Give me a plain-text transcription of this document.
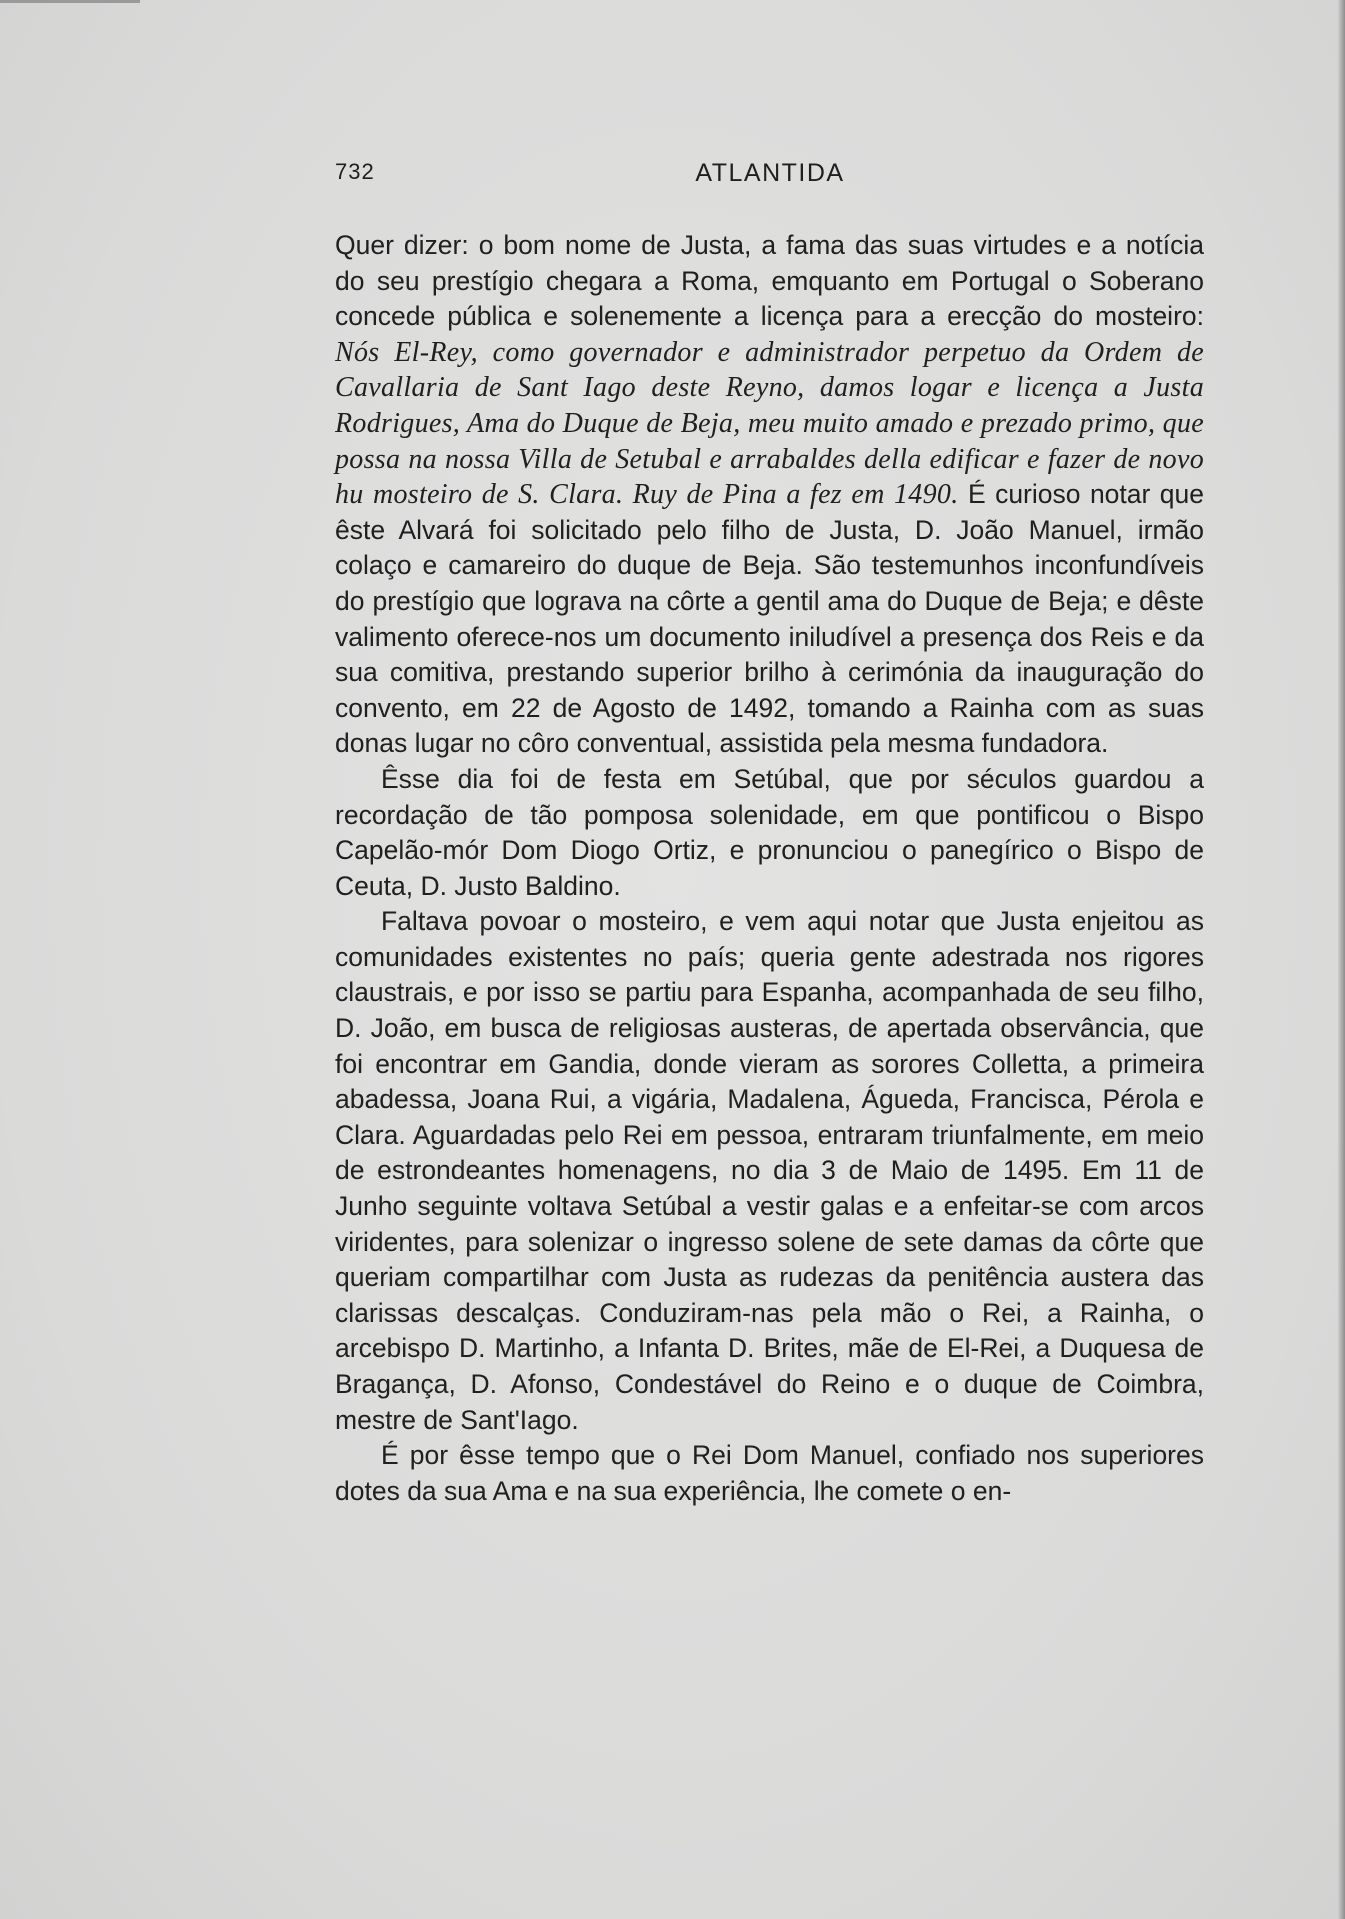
732	ATLANTIDA

Quer dizer: o bom nome de Justa, a fama das suas virtudes e a notícia do seu prestígio chegara a Roma, emquanto em Portugal o Soberano concede pública e solenemente a licença para a erecção do mosteiro: Nós El-Rey, como governador e administrador perpetuo da Ordem de Cavallaria de Sant Iago deste Reyno, damos logar e licença a Justa Rodrigues, Ama do Duque de Beja, meu muito amado e prezado primo, que possa na nossa Villa de Setubal e arrabaldes della edificar e fazer de novo hu mosteiro de S. Clara. Ruy de Pina a fez em 1490. É curioso notar que êste Alvará foi solicitado pelo filho de Justa, D. João Manuel, irmão colaço e camareiro do duque de Beja. São testemunhos inconfundíveis do prestígio que lograva na côrte a gentil ama do Duque de Beja; e dêste valimento oferece-nos um documento iniludível a presença dos Reis e da sua comitiva, prestando superior brilho à cerimónia da inauguração do convento, em 22 de Agosto de 1492, tomando a Rainha com as suas donas lugar no côro conventual, assistida pela mesma fundadora.

Êsse dia foi de festa em Setúbal, que por séculos guardou a recordação de tão pomposa solenidade, em que pontificou o Bispo Capelão-mór Dom Diogo Ortiz, e pronunciou o panegírico o Bispo de Ceuta, D. Justo Baldino.

Faltava povoar o mosteiro, e vem aqui notar que Justa enjeitou as comunidades existentes no país; queria gente adestrada nos rigores claustrais, e por isso se partiu para Espanha, acompanhada de seu filho, D. João, em busca de religiosas austeras, de apertada observância, que foi encontrar em Gandia, donde vieram as sorores Colletta, a primeira abadessa, Joana Rui, a vigária, Madalena, Águeda, Francisca, Pérola e Clara. Aguardadas pelo Rei em pessoa, entraram triunfalmente, em meio de estrondeantes homenagens, no dia 3 de Maio de 1495. Em 11 de Junho seguinte voltava Setúbal a vestir galas e a enfeitar-se com arcos viridentes, para solenizar o ingresso solene de sete damas da côrte que queriam compartilhar com Justa as rudezas da penitência austera das clarissas descalças. Conduziram-nas pela mão o Rei, a Rainha, o arcebispo D. Martinho, a Infanta D. Brites, mãe de El-Rei, a Duquesa de Bragança, D. Afonso, Condestável do Reino e o duque de Coimbra, mestre de Sant'Iago.

É por êsse tempo que o Rei Dom Manuel, confiado nos superiores dotes da sua Ama e na sua experiência, lhe comete o en-
